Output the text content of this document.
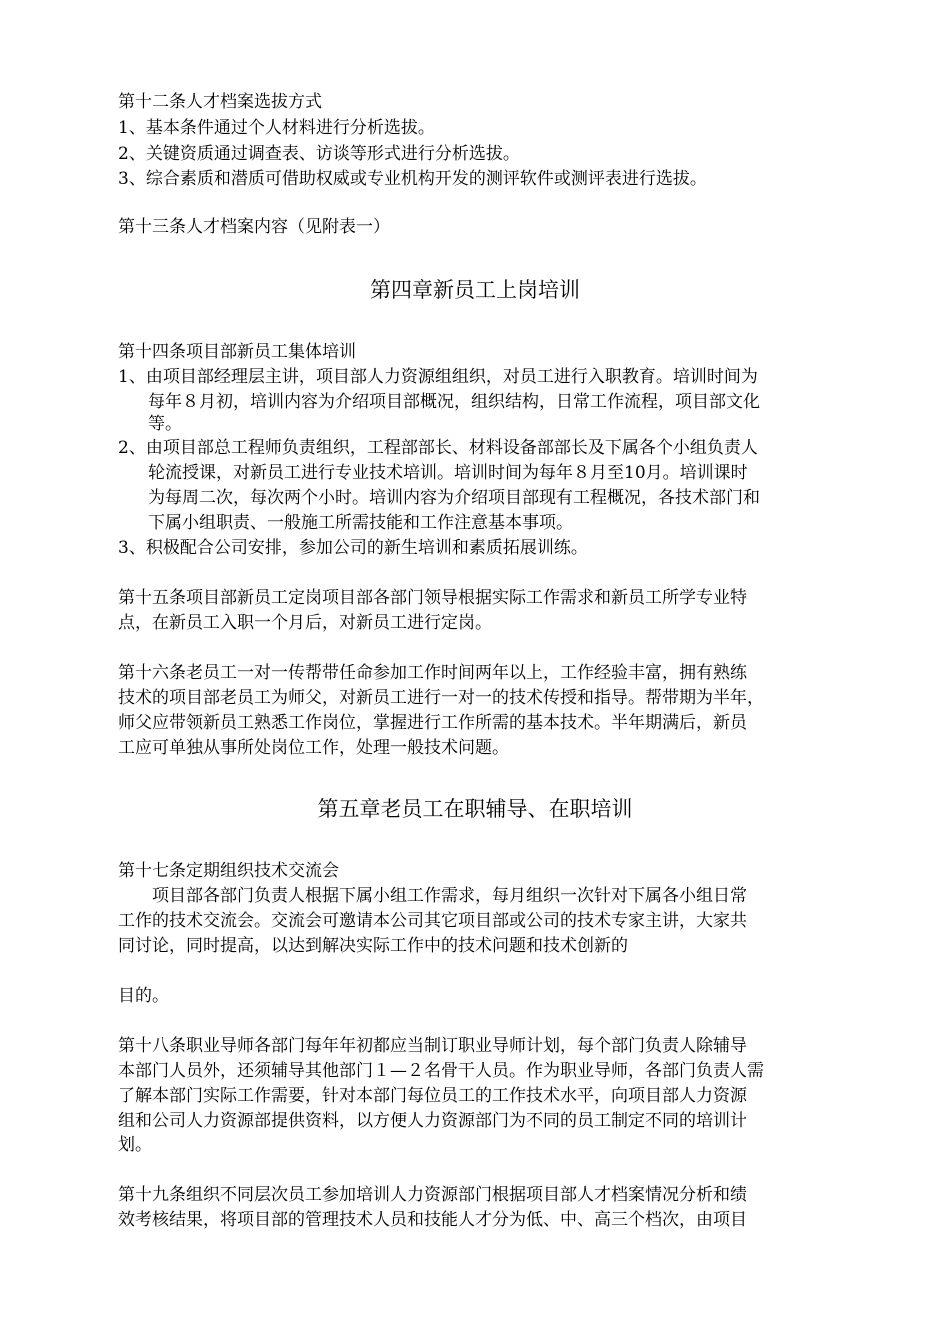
第十二条人才档案选拔方式
1、基本条件通过个人材料进行分析选拔。
2、关键资质通过调查表、访谈等形式进行分析选拔。
3、综合素质和潜质可借助权威或专业机构开发的测评软件或测评表进行选拔。
第十三条人才档案内容（见附表一）
第四章新员工上岗培训
第十四条项目部新员工集体培训
1、由项目部经理层主讲，项目部人力资源组组织，对员工进行入职教育。培训时间为
每年８月初，培训内容为介绍项目部概况，组织结构，日常工作流程，项目部文化
等。
2、由项目部总工程师负责组织，工程部部长、材料设备部部长及下属各个小组负责人
轮流授课，对新员工进行专业技术培训。培训时间为每年８月至10月。培训课时
为每周二次，每次两个小时。培训内容为介绍项目部现有工程概况，各技术部门和
下属小组职责、一般施工所需技能和工作注意基本事项。
3、积极配合公司安排，参加公司的新生培训和素质拓展训练。
第十五条项目部新员工定岗项目部各部门领导根据实际工作需求和新员工所学专业特
点，在新员工入职一个月后，对新员工进行定岗。
第十六条老员工一对一传帮带任命参加工作时间两年以上，工作经验丰富，拥有熟练
技术的项目部老员工为师父，对新员工进行一对一的技术传授和指导。帮带期为半年，
师父应带领新员工熟悉工作岗位，掌握进行工作所需的基本技术。半年期满后，新员
工应可单独从事所处岗位工作，处理一般技术问题。
第五章老员工在职辅导、在职培训
第十七条定期组织技术交流会
　　项目部各部门负责人根据下属小组工作需求，每月组织一次针对下属各小组日常
工作的技术交流会。交流会可邀请本公司其它项目部或公司的技术专家主讲，大家共
同讨论，同时提高，以达到解决实际工作中的技术问题和技术创新的
目的。
第十八条职业导师各部门每年年初都应当制订职业导师计划，每个部门负责人除辅导
本部门人员外，还须辅导其他部门１—２名骨干人员。作为职业导师，各部门负责人需
了解本部门实际工作需要，针对本部门每位员工的工作技术水平，向项目部人力资源
组和公司人力资源部提供资料，以方便人力资源部门为不同的员工制定不同的培训计
划。
第十九条组织不同层次员工参加培训人力资源部门根据项目部人才档案情况分析和绩
效考核结果，将项目部的管理技术人员和技能人才分为低、中、高三个档次，由项目
